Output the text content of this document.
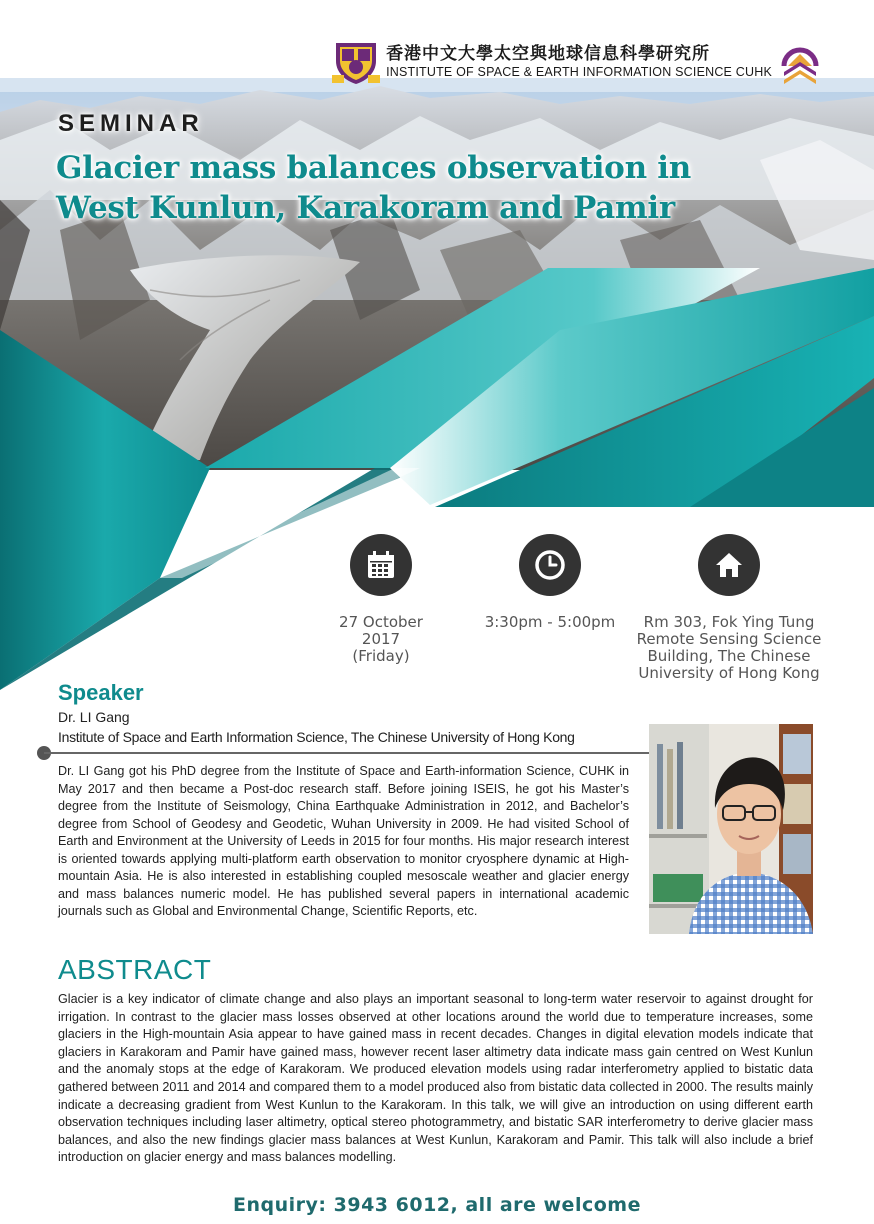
香港中文大學太空與地球信息科學研究所
INSTITUTE OF SPACE & EARTH INFORMATION SCIENCE CUHK
SEMINAR
Glacier mass balances observation in
West Kunlun, Karakoram and Pamir
27 October 2017
(Friday)
3:30pm - 5:00pm	Rm 303, Fok Ying Tung
Remote Sensing Science
Building, The Chinese
University of Hong Kong
Speaker
Dr. LI Gang
Institute of Space and Earth Information Science, The Chinese University of Hong Kong

Dr. LI Gang got his PhD degree from the Institute of Space and Earth-information Science, CUHK in May 2017 and then became a Post-doc research staff. Before joining ISEIS, he got his Master’s degree from the Institute of Seismology, China Earthquake Administration in 2012, and Bachelor’s degree from School of Geodesy and Geodetic, Wuhan University in 2009. He had visited School of Earth and Environment at the University of Leeds in 2015 for four months. His major research interest is oriented towards applying multi-platform earth observation to monitor cryosphere dynamic at High-mountain Asia. He is also interested in establishing coupled mesoscale weather and glacier energy and mass balances numeric model. He has published several papers in international academic journals such as Global and Environmental Change, Scientific Reports, etc.

ABSTRACT

Glacier is a key indicator of climate change and also plays an important seasonal to long-term water reservoir to against drought for irrigation. In contrast to the glacier mass losses observed at other locations around the world due to temperature increases, some glaciers in the High-mountain Asia appear to have gained mass in recent decades. Changes in digital elevation models indicate that glaciers in Karakoram and Pamir have gained mass, however recent laser altimetry data indicate mass gain centred on West Kunlun and the anomaly stops at the edge of Karakoram. We produced elevation models using radar interferometry applied to bistatic data gathered between 2011 and 2014 and compared them to a model produced also from bistatic data collected in 2000. The results mainly indicate a decreasing gradient from West Kunlun to the Karakoram. In this talk, we will give an introduction on using different earth observation techniques including laser altimetry, optical stereo photogrammetry, and bistatic SAR interferometry to derive glacier mass balances, and also the new findings glacier mass balances at West Kunlun, Karakoram and Pamir. This talk will also include a brief introduction on glacier energy and mass balances modelling.

Enquiry: 3943 6012, all are welcome
